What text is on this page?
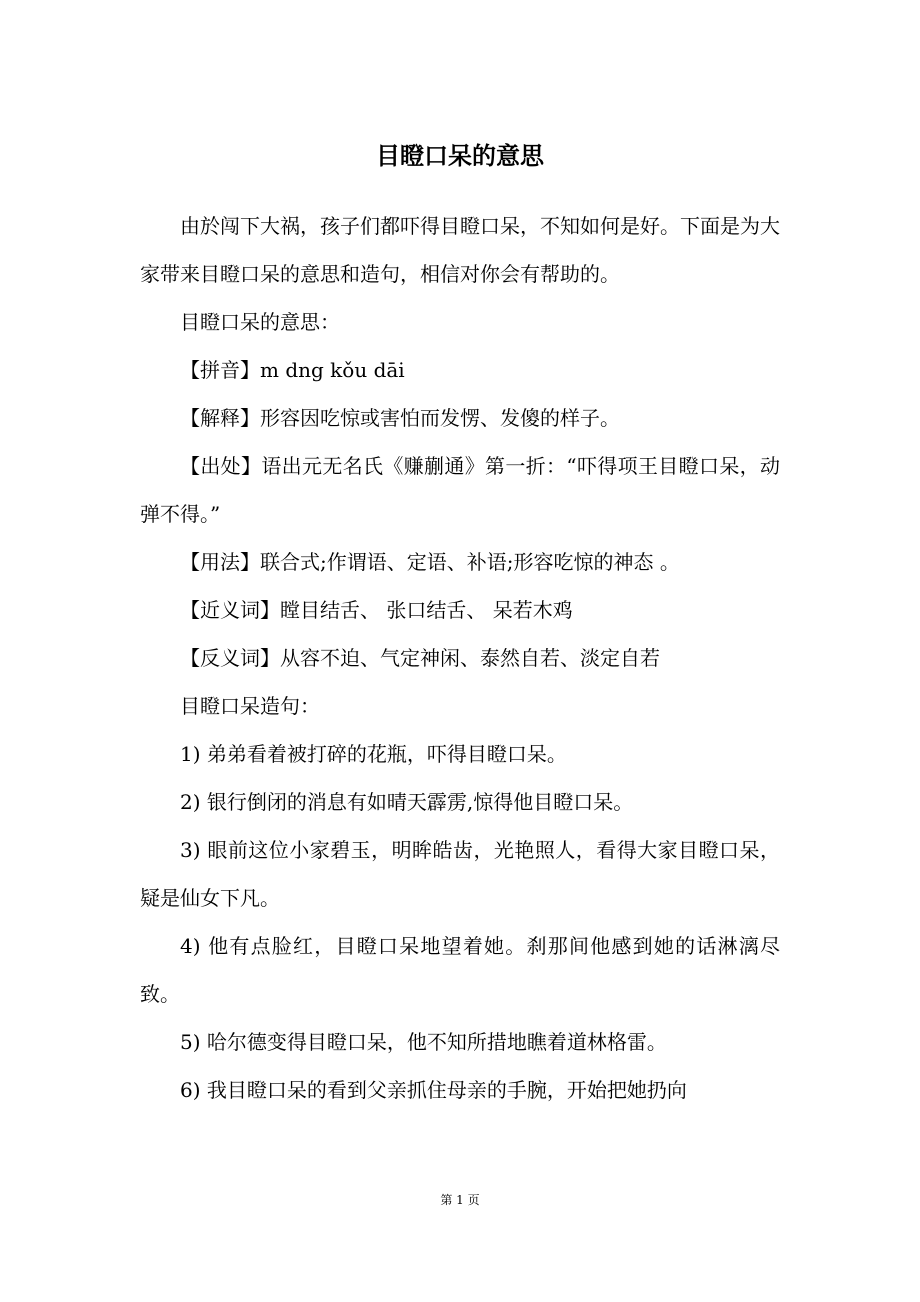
目瞪口呆的意思

由於闯下大祸，孩子们都吓得目瞪口呆，不知如何是好。下面是为大家带来目瞪口呆的意思和造句，相信对你会有帮助的。

目瞪口呆的意思：

【拼音】m dng kǒu dāi

【解释】形容因吃惊或害怕而发愣、发傻的样子。

【出处】语出元无名氏《赚蒯通》第一折：“吓得项王目瞪口呆，动弹不得。”

【用法】联合式;作谓语、定语、补语;形容吃惊的神态 。

【近义词】瞠目结舌、 张口结舌、 呆若木鸡

【反义词】从容不迫、气定神闲、泰然自若、淡定自若

目瞪口呆造句：

1) 弟弟看着被打碎的花瓶，吓得目瞪口呆。

2) 银行倒闭的消息有如晴天霹雳,惊得他目瞪口呆。

3) 眼前这位小家碧玉，明眸皓齿，光艳照人，看得大家目瞪口呆，疑是仙女下凡。

4) 他有点脸红，目瞪口呆地望着她。刹那间他感到她的话淋漓尽致。

5) 哈尔德变得目瞪口呆，他不知所措地瞧着道林格雷。

6) 我目瞪口呆的看到父亲抓住母亲的手腕，开始把她扔向

第 1 页
